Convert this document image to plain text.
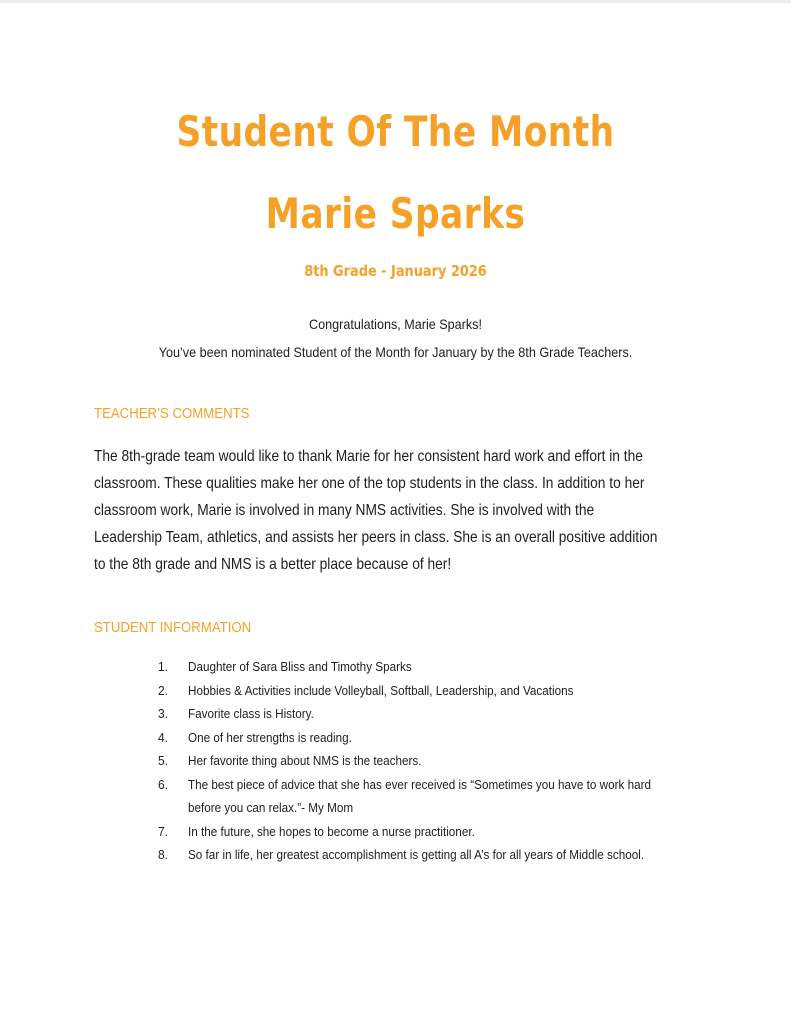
Student Of The Month
Marie Sparks
8th Grade - January 2026
Congratulations, Marie Sparks!
You’ve been nominated Student of the Month for January by the 8th Grade Teachers.
TEACHER’S COMMENTS
The 8th-grade team would like to thank Marie for her consistent hard work and effort in the
classroom. These qualities make her one of the top students in the class. In addition to her
classroom work, Marie is involved in many NMS activities. She is involved with the
Leadership Team, athletics, and assists her peers in class. She is an overall positive addition
to the 8th grade and NMS is a better place because of her!
STUDENT INFORMATION
1.	Daughter of Sara Bliss and Timothy Sparks
2.	Hobbies & Activities include Volleyball, Softball, Leadership, and Vacations
3.	Favorite class is History.
4.	One of her strengths is reading.
5.	Her favorite thing about NMS is the teachers.
6.	The best piece of advice that she has ever received is “Sometimes you have to work hard
before you can relax.”- My Mom
7.	In the future, she hopes to become a nurse practitioner.
8.	So far in life, her greatest accomplishment is getting all A’s for all years of Middle school.
